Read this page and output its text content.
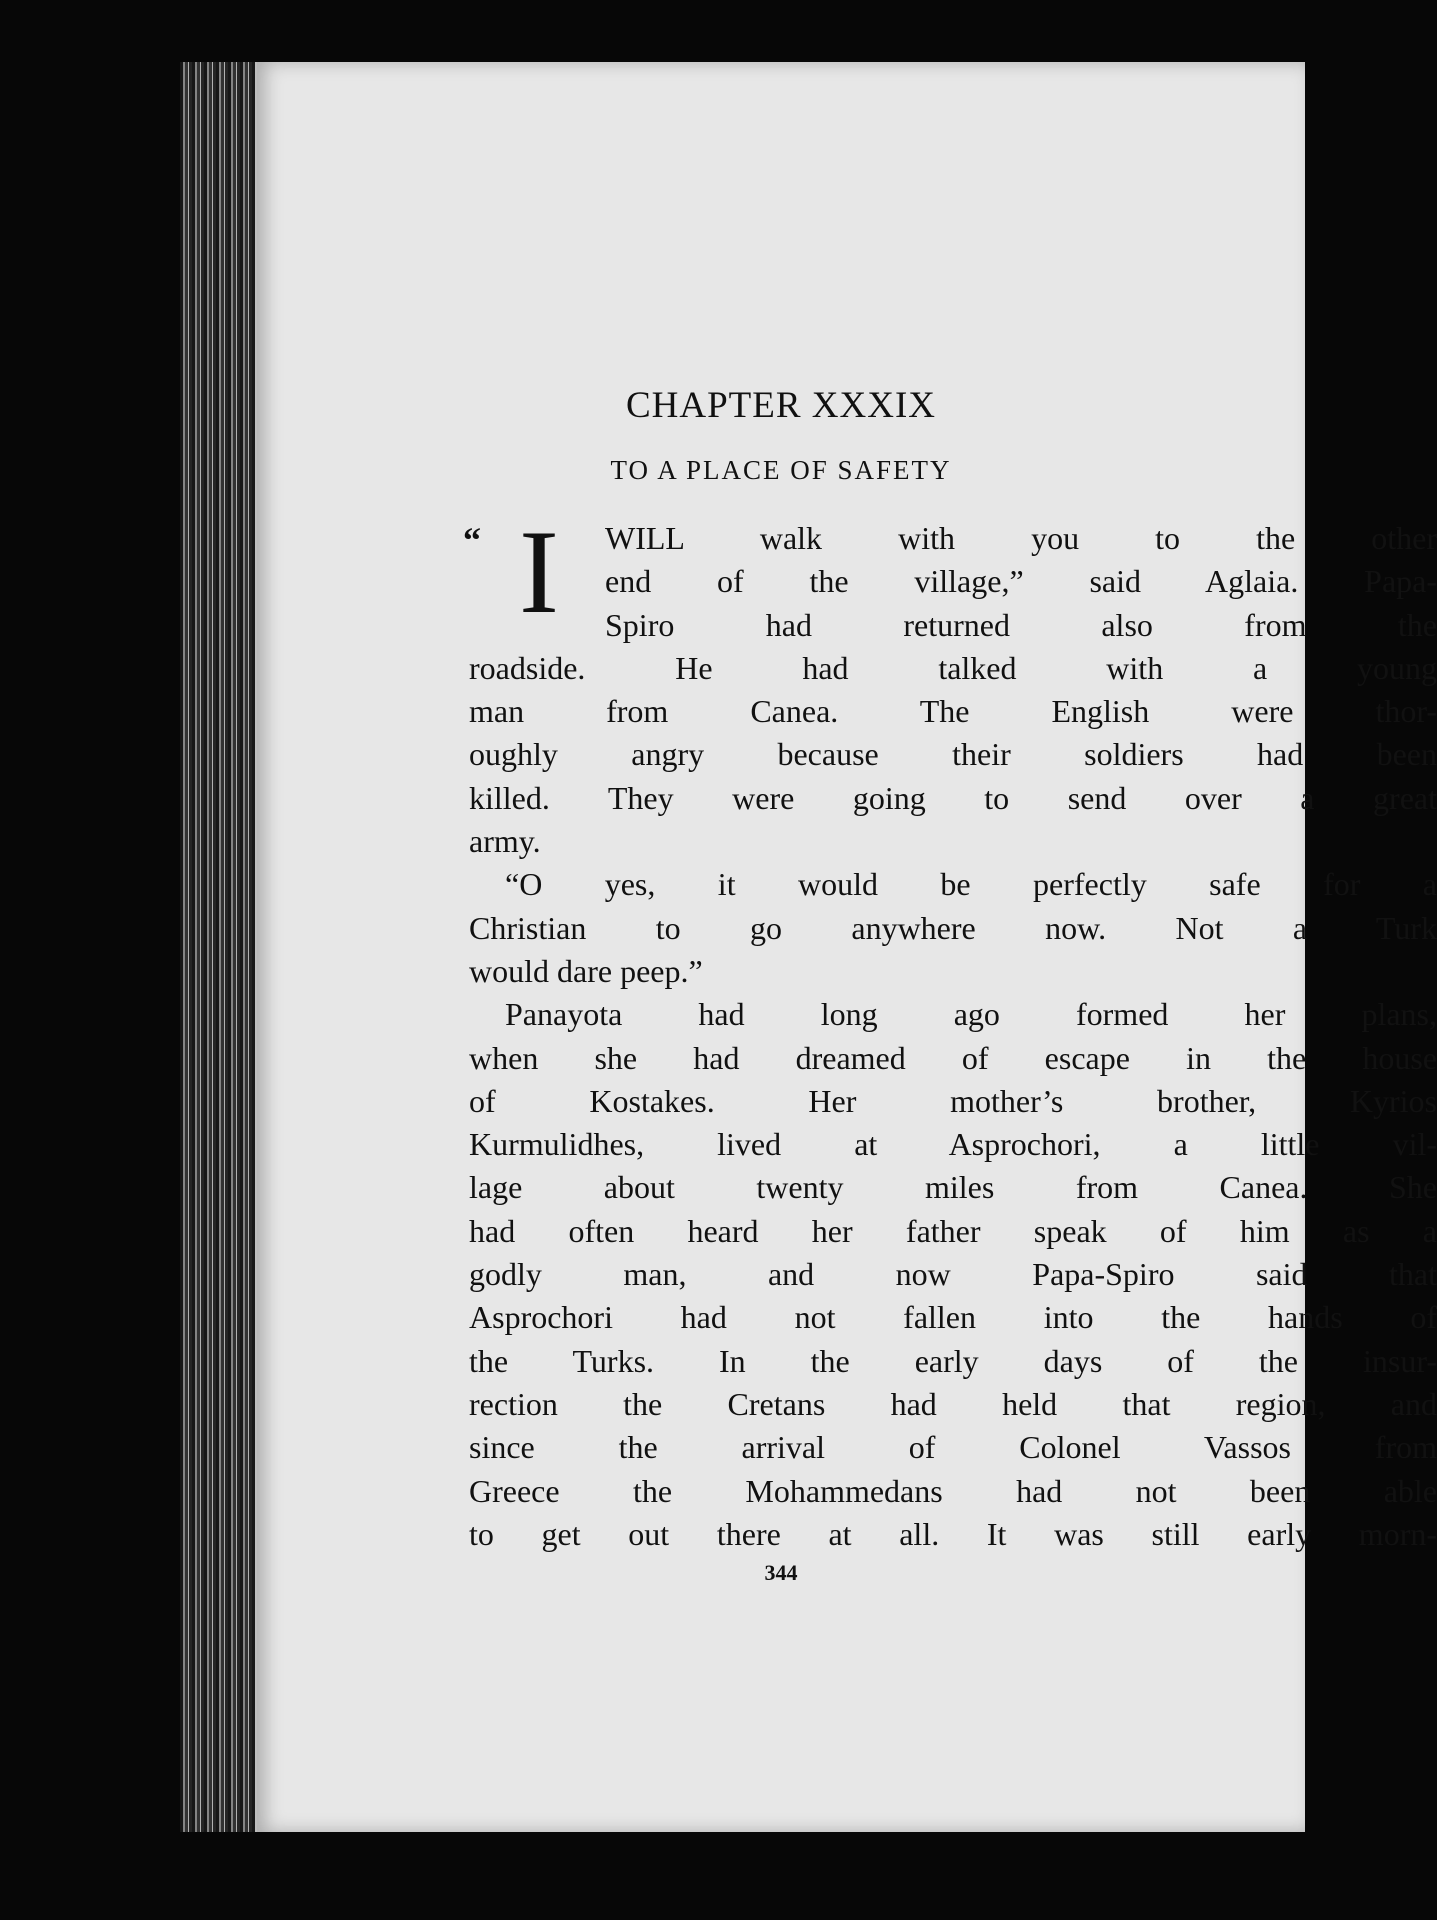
CHAPTER XXXIX
TO A PLACE OF SAFETY
“ I	WILL walk with you to the other
end of the village,” said Aglaia. Papa-
Spiro had returned also from the
roadside. He had talked with a young
man from Canea. The English were thor-
oughly angry because their soldiers had been
killed. They were going to send over a great
army.
“O yes, it would be perfectly safe for a
Christian to go anywhere now. Not a Turk
would dare peep.”
Panayota had long ago formed her plans,
when she had dreamed of escape in the house
of Kostakes. Her mother’s brother, Kyrios
Kurmulidhes, lived at Asprochori, a little vil-
lage about twenty miles from Canea. She
had often heard her father speak of him as a
godly man, and now Papa-Spiro said that
Asprochori had not fallen into the hands of
the Turks. In the early days of the insur-
rection the Cretans had held that region, and
since the arrival of Colonel Vassos from
Greece the Mohammedans had not been able
to get out there at all. It was still early morn-
344
